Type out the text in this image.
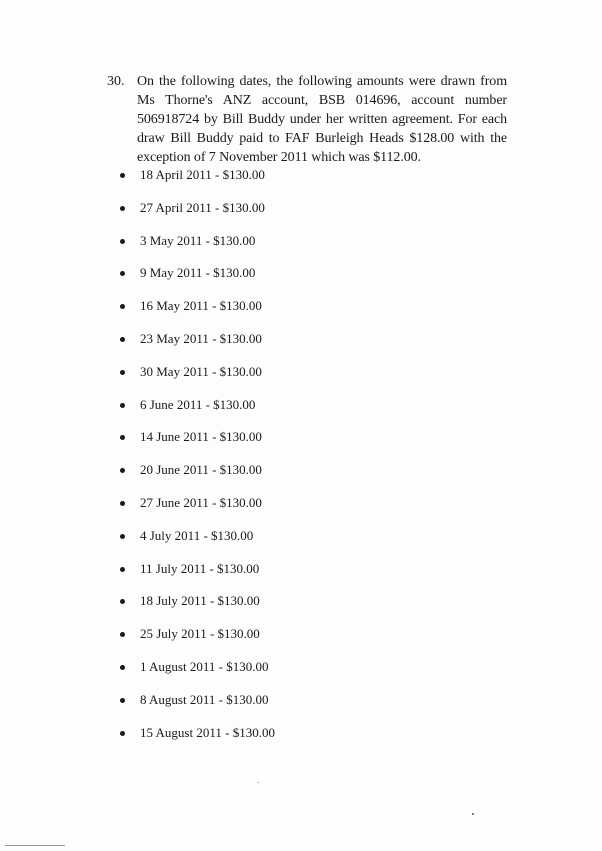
30. On the following dates, the following amounts were drawn from Ms Thorne's ANZ account, BSB 014696, account number 506918724 by Bill Buddy under her written agreement. For each draw Bill Buddy paid to FAF Burleigh Heads $128.00 with the exception of 7 November 2011 which was $112.00.
18 April 2011 - $130.00
27 April 2011 - $130.00
3 May 2011 - $130.00
9 May 2011 - $130.00
16 May 2011 - $130.00
23 May 2011 - $130.00
30 May 2011 - $130.00
6 June 2011 - $130.00
14 June 2011 - $130.00
20 June 2011 - $130.00
27 June 2011 - $130.00
4 July 2011 - $130.00
11 July 2011 - $130.00
18 July 2011 - $130.00
25 July 2011 - $130.00
1 August 2011 - $130.00
8 August 2011 - $130.00
15 August 2011 - $130.00
